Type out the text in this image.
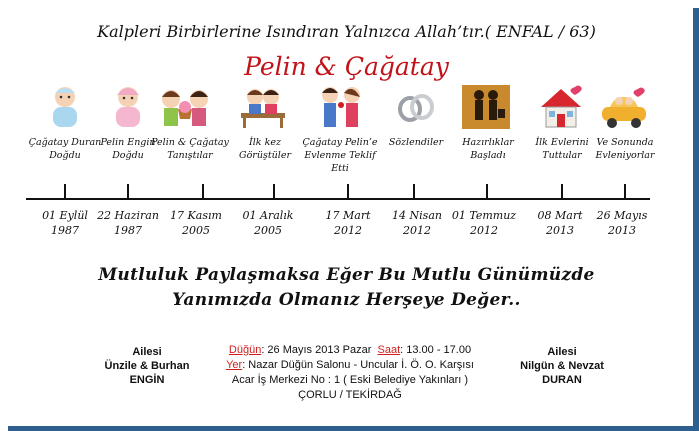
Kalpleri Birbirlerine Isındıran Yalnızca Allah’tır.( ENFAL / 63)
Pelin & Çağatay
Çağatay Duran Doğdu
Pelin Engin Doğdu
Pelin & Çağatay Tanıştılar
İlk kez Görüştüler
Çağatay Pelin’e Evlenme Teklif Etti
Sözlendiler	Hazırlıklar Başladı
İlk Evlerini Tuttular
Ve Sonunda Evleniyorlar
01 Eylül
1987
22 Haziran
1987
17 Kasım
2005
01 Aralık
2005
17 Mart
2012
14 Nisan
2012
01 Temmuz
2012
08 Mart
2013
26 Mayıs
2013
Mutluluk Paylaşmaksa Eğer Bu Mutlu Günümüzde
Yanımızda Olmanız Herşeye Değer..
Ailesi
Ünzile & Burhan
ENGİN
Ailesi
Nilgün & Nevzat
DURAN
Düğün: 26 Mayıs 2013 Pazar Saat: 13.00 - 17.00
Yer: Nazar Düğün Salonu - Uncular İ. Ö. O. Karşısı
Acar İş Merkezi No : 1 ( Eski Belediye Yakınları )
ÇORLU / TEKİRDAĞ
